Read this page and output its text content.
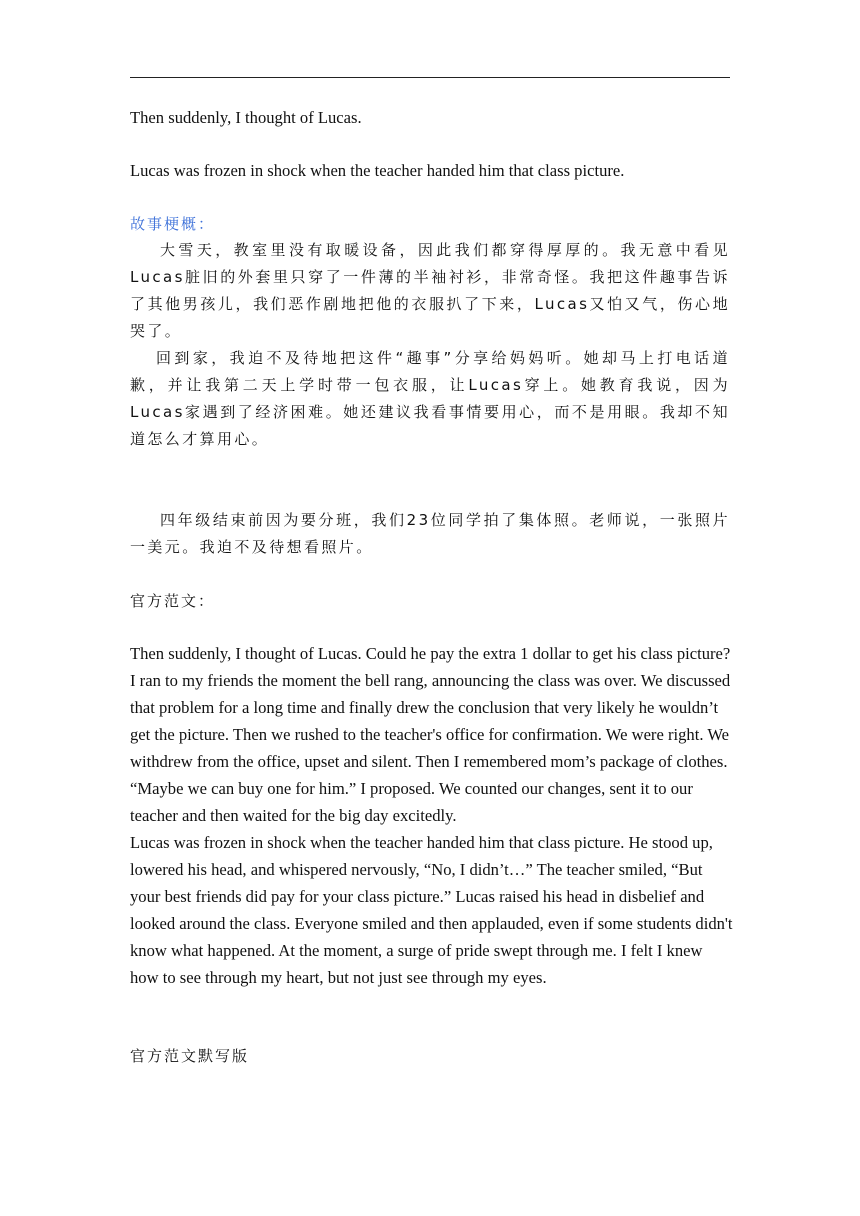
Then suddenly, I thought of Lucas.
Lucas was frozen in shock when the teacher handed him that class picture.
故事梗概：
大雪天，教室里没有取暖设备，因此我们都穿得厚厚的。我无意中看见Lucas脏旧的外套里只穿了一件薄的半袖衬衫，非常奇怪。我把这件趣事告诉了其他男孩儿，我们恶作剧地把他的衣服扒了下来，Lucas又怕又气，伤心地哭了。
回到家，我迫不及待地把这件“趣事”分享给妈妈听。她却马上打电话道歉，并让我第二天上学时带一包衣服，让Lucas穿上。她教育我说，因为Lucas家遇到了经济困难。她还建议我看事情要用心，而不是用眼。我却不知道怎么才算用心。
四年级结束前因为要分班，我们23位同学拍了集体照。老师说，一张照片一美元。我迫不及待想看照片。
官方范文：

Then suddenly, I thought of Lucas. Could he pay the extra 1 dollar to get his class picture? I ran to my friends the moment the bell rang, announcing the class was over. We discussed that problem for a long time and finally drew the conclusion that very likely he wouldn’t get the picture. Then we rushed to the teacher's office for confirmation. We were right. We withdrew from the office, upset and silent. Then I remembered mom’s package of clothes. “Maybe we can buy one for him.” I proposed. We counted our changes, sent it to our teacher and then waited for the big day excitedly.

Lucas was frozen in shock when the teacher handed him that class picture. He stood up, lowered his head, and whispered nervously, “No, I didn’t…” The teacher smiled, “But your best friends did pay for your class picture.” Lucas raised his head in disbelief and looked around the class. Everyone smiled and then applauded, even if some students didn't know what happened. At the moment, a surge of pride swept through me. I felt I knew how to see through my heart, but not just see through my eyes.

官方范文默写版
